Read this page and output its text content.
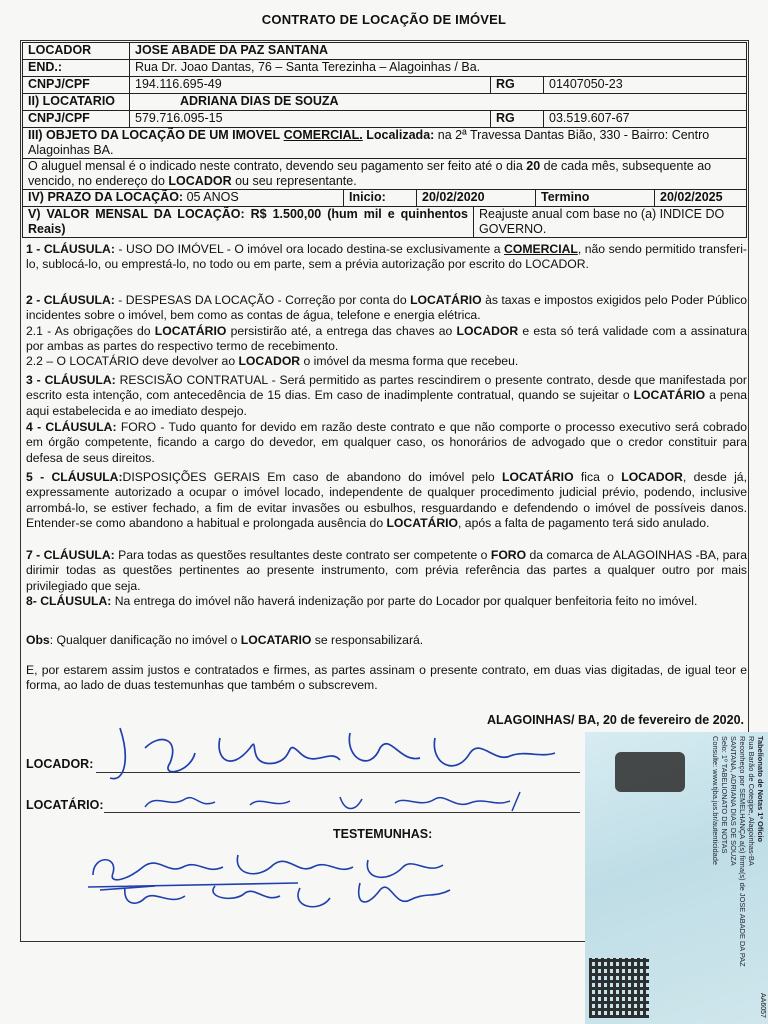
CONTRATO DE LOCAÇÃO DE IMÓVEL
LOCADOR	JOSE ABADE DA PAZ SANTANA
END.:	Rua Dr. Joao Dantas, 76 – Santa Terezinha – Alagoinhas / Ba.
CNPJ/CPF	194.116.695-49	RG	01407050-23
II) LOCATARIO	ADRIANA DIAS DE SOUZA
CNPJ/CPF	579.716.095-15	RG	03.519.607-67
III) OBJETO DA LOCAÇÃO DE UM IMOVEL COMERCIAL. Localizada: na 2ª Travessa Dantas Bião, 330 - Bairro: Centro Alagoinhas BA.
O aluguel mensal é o indicado neste contrato, devendo seu pagamento ser feito até o dia 20 de cada mês, subsequente ao vencido, no endereço do LOCADOR ou seu representante.

IV) PRAZO DA LOCAÇÃO: 05 ANOS	Inicio:	20/02/2020	Termino	20/02/2025

V) VALOR MENSAL DA LOCAÇÃO: R$ 1.500,00 (hum mil e quinhentos Reais)	Reajuste anual com base no (a) INDICE DO GOVERNO.
1 - CLÁUSULA: - USO DO IMÓVEL - O imóvel ora locado destina-se exclusivamente a COMERCIAL, não sendo permitido transferi-lo, sublocá-lo, ou emprestá-lo, no todo ou em parte, sem a prévia autorização por escrito do LOCADOR.
2 - CLÁUSULA: - DESPESAS DA LOCAÇÃO - Correção por conta do LOCATÁRIO às taxas e impostos exigidos pelo Poder Público incidentes sobre o imóvel, bem como as contas de água, telefone e energia elétrica.
2.1 - As obrigações do LOCATÁRIO persistirão até, a entrega das chaves ao LOCADOR e esta só terá validade com a assinatura por ambas as partes do respectivo termo de recebimento.
2.2 – O LOCATÁRIO deve devolver ao LOCADOR o imóvel da mesma forma que recebeu.
3 - CLÁUSULA: RESCISÃO CONTRATUAL - Será permitido as partes rescindirem o presente contrato, desde que manifestada por escrito esta intenção, com antecedência de 15 dias. Em caso de inadimplente contratual, quando se sujeitar o LOCATÁRIO a pena aqui estabelecida e ao imediato despejo.
4 - CLÁUSULA: FORO - Tudo quanto for devido em razão deste contrato e que não comporte o processo executivo será cobrado em órgão competente, ficando a cargo do devedor, em qualquer caso, os honorários de advogado que o credor constituir para defesa de seus direitos.
5 - CLÁUSULA:DISPOSIÇÕES GERAIS Em caso de abandono do imóvel pelo LOCATÁRIO fica o LOCADOR, desde já, expressamente autorizado a ocupar o imóvel locado, independente de qualquer procedimento judicial prévio, podendo, inclusive arrombá-lo, se estiver fechado, a fim de evitar invasões ou esbulhos, resguardando e defendendo o imóvel de possíveis danos. Entender-se como abandono a habitual e prolongada ausência do LOCATÁRIO, após a falta de pagamento terá sido anulado.
7 - CLÁUSULA: Para todas as questões resultantes deste contrato ser competente o FORO da comarca de ALAGOINHAS -BA, para dirimir todas as questões pertinentes ao presente instrumento, com prévia referência das partes a qualquer outro por mais privilegiado que seja.
8- CLÁUSULA: Na entrega do imóvel não haverá indenização por parte do Locador por qualquer benfeitoria feito no imóvel.
Obs: Qualquer danificação no imóvel o LOCATARIO se responsabilizará.
E, por estarem assim justos e contratados e firmes, as partes assinam o presente contrato, em duas vias digitadas, de igual teor e forma, ao lado de duas testemunhas que também o subscrevem.
ALAGOINHAS/ BA, 20 de fevereiro de 2020.
LOCADOR:
LOCATÁRIO:
TESTEMUNHAS:	Tabelionato de Notas 1º Ofício
Rua Barão de Cotegipe, Alagoinhas-BA
Reconheço por SEMELHANÇA a(s) firma(s) de JOSE ABADE DA PAZ
SANTANA, ADRIANA DIAS DE SOUZA
Selo: 1º TABELIONATO DE NOTAS
Consulte: www.tjba.jus.br/autenticidade
AA6057
